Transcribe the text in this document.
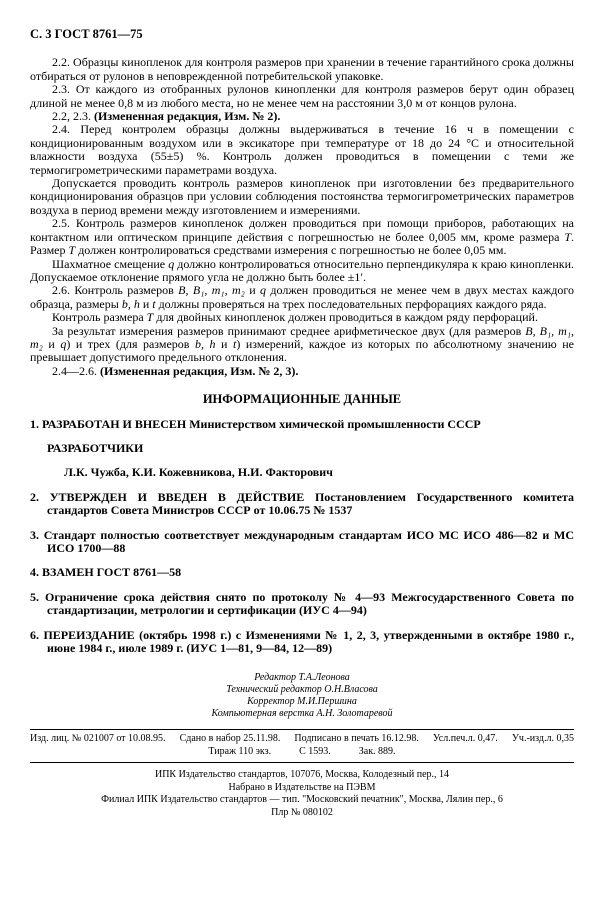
С. 3 ГОСТ 8761—75
2.2. Образцы кинопленок для контроля размеров при хранении в течение гарантийного срока должны отбираться от рулонов в неповрежденной потребительской упаковке.
2.3. От каждого из отобранных рулонов кинопленки для контроля размеров берут один образец длиной не менее 0,8 м из любого места, но не менее чем на расстоянии 3,0 м от концов рулона.
2.2, 2.3. (Измененная редакция, Изм. № 2).
2.4. Перед контролем образцы должны выдерживаться в течение 16 ч в помещении с кондиционированным воздухом или в эксикаторе при температуре от 18 до 24 °С и относительной влажности воздуха (55±5) %. Контроль должен проводиться в помещении с теми же термогигрометрическими параметрами воздуха.
Допускается проводить контроль размеров кинопленок при изготовлении без предварительного кондиционирования образцов при условии соблюдения постоянства термогигрометрических параметров воздуха в период времени между изготовлением и измерениями.
2.5. Контроль размеров кинопленок должен проводиться при помощи приборов, работающих на контактном или оптическом принципе действия с погрешностью не более 0,005 мм, кроме размера Т. Размер Т должен контролироваться средствами измерения с погрешностью не более 0,05 мм.
Шахматное смещение q должно контролироваться относительно перпендикуляра к краю кинопленки. Допускаемое отклонение прямого угла не должно быть более ±1′.
2.6. Контроль размеров В, В₁, m₁, m₂ и q должен проводиться не менее чем в двух местах каждого образца, размеры b, h и t должны проверяться на трех последовательных перфорациях каждого ряда.
Контроль размера Т для двойных кинопленок должен проводиться в каждом ряду перфораций.
За результат измерения размеров принимают среднее арифметическое двух (для размеров В, В₁, m₁, m₂ и q) и трех (для размеров b, h и t) измерений, каждое из которых по абсолютному значению не превышает допустимого предельного отклонения.
2.4—2.6. (Измененная редакция, Изм. № 2, 3).
ИНФОРМАЦИОННЫЕ ДАННЫЕ
1. РАЗРАБОТАН И ВНЕСЕН Министерством химической промышленности СССР
РАЗРАБОТЧИКИ
Л.К. Чужба, К.И. Кожевникова, Н.И. Факторович
2. УТВЕРЖДЕН И ВВЕДЕН В ДЕЙСТВИЕ Постановлением Государственного комитета стандартов Совета Министров СССР от 10.06.75 № 1537
3. Стандарт полностью соответствует международным стандартам ИСО МС ИСО 486—82 и МС ИСО 1700—88
4. ВЗАМЕН ГОСТ 8761—58
5. Ограничение срока действия снято по протоколу № 4—93 Межгосударственного Совета по стандартизации, метрологии и сертификации (ИУС 4—94)
6. ПЕРЕИЗДАНИЕ (октябрь 1998 г.) с Изменениями № 1, 2, 3, утвержденными в октябре 1980 г., июне 1984 г., июле 1989 г. (ИУС 1—81, 9—84, 12—89)
Редактор Т.А.Леонова
Технический редактор О.Н.Власова
Корректор М.И.Першина
Компьютерная верстка А.Н. Золотаревой
Изд. лиц. № 021007 от 10.08.95. Сдано в набор 25.11.98. Подписано в печать 16.12.98. Усл.печ.л. 0,47. Уч.-изд.л. 0,35
Тираж 110 экз.	С 1593.	Зак. 889.
ИПК Издательство стандартов, 107076, Москва, Колодезный пер., 14
Набрано в Издательстве на ПЭВМ
Филиал ИПК Издательство стандартов — тип. "Московский печатник", Москва, Лялин пер., 6
Плр № 080102
